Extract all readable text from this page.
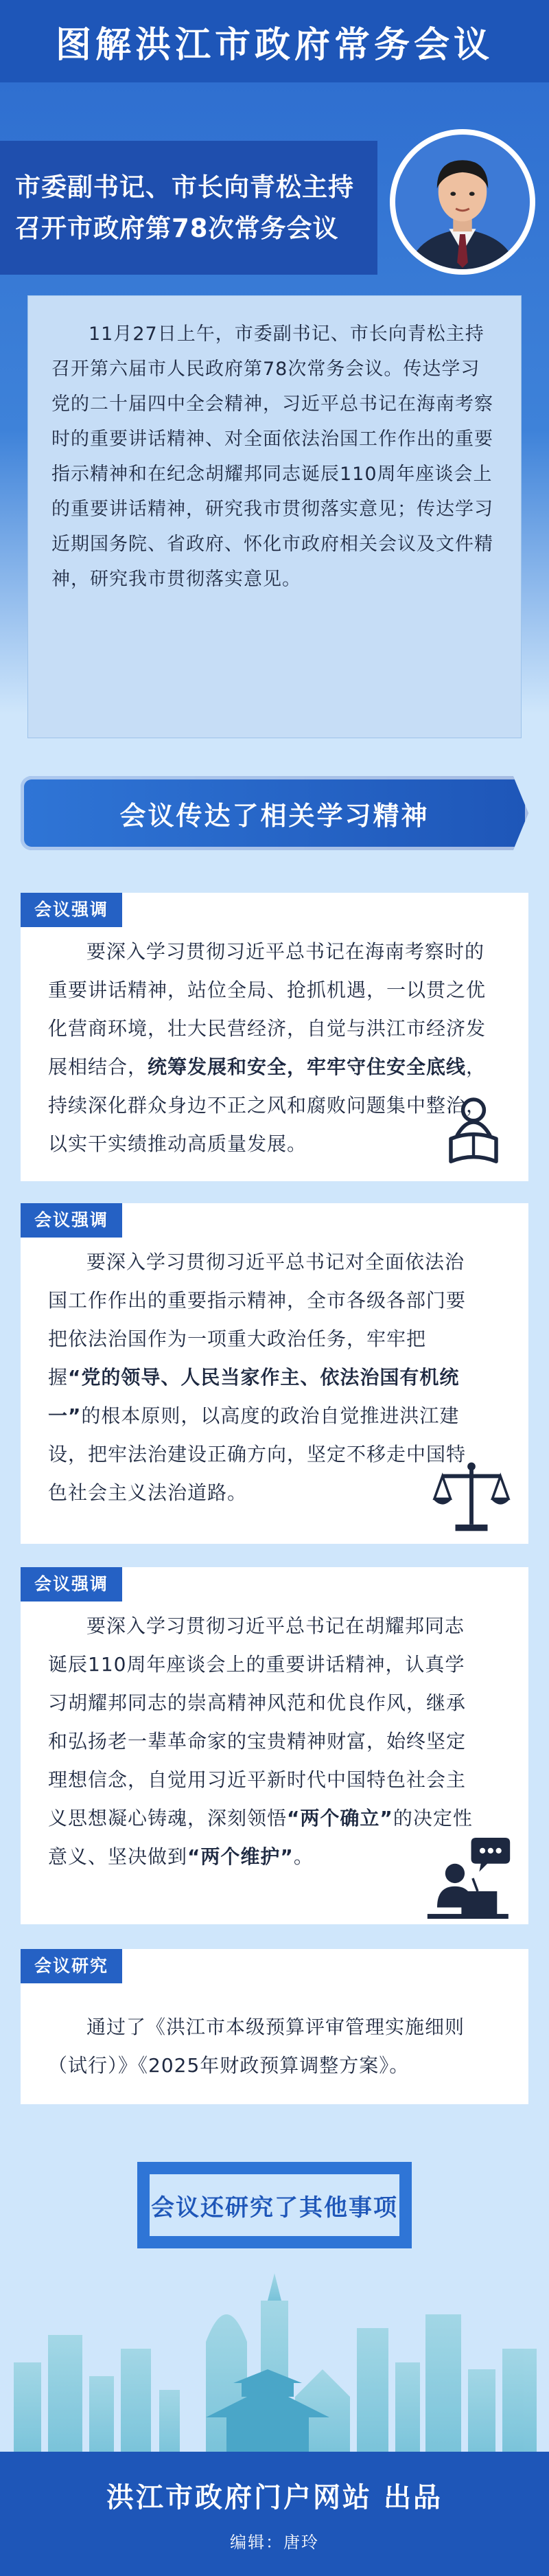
图解洪江市政府常务会议
市委副书记、市长向青松主持
召开市政府第78次常务会议

11月27日上午，市委副书记、市长向青松主持召开第六届市人民政府第78次常务会议。传达学习党的二十届四中全会精神，习近平总书记在海南考察时的重要讲话精神、对全面依法治国工作作出的重要指示精神和在纪念胡耀邦同志诞辰110周年座谈会上的重要讲话精神，研究我市贯彻落实意见；传达学习近期国务院、省政府、怀化市政府相关会议及文件精神，研究我市贯彻落实意见。

会议传达了相关学习精神
会议强调

要深入学习贯彻习近平总书记在海南考察时的重要讲话精神，站位全局、抢抓机遇，一以贯之优化营商环境，壮大民营经济，自觉与洪江市经济发展相结合，统筹发展和安全，牢牢守住安全底线，持续深化群众身边不正之风和腐败问题集中整治，以实干实绩推动高质量发展。

会议强调

要深入学习贯彻习近平总书记对全面依法治国工作作出的重要指示精神，全市各级各部门要把依法治国作为一项重大政治任务，牢牢把握“党的领导、人民当家作主、依法治国有机统一”的根本原则，以高度的政治自觉推进洪江建设，把牢法治建设正确方向，坚定不移走中国特色社会主义法治道路。

会议强调

要深入学习贯彻习近平总书记在胡耀邦同志诞辰110周年座谈会上的重要讲话精神，认真学习胡耀邦同志的崇高精神风范和优良作风，继承和弘扬老一辈革命家的宝贵精神财富，始终坚定理想信念，自觉用习近平新时代中国特色社会主义思想凝心铸魂，深刻领悟“两个确立”的决定性意义、坚决做到“两个维护”。

会议研究

通过了《洪江市本级预算评审管理实施细则（试行）》《2025年财政预算调整方案》。

会议还研究了其他事项
洪江市政府门户网站 出品
编辑：唐玲
